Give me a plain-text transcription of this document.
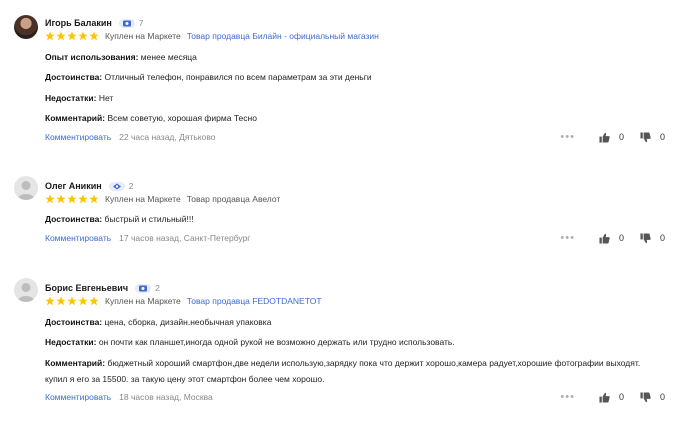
Игорь Балакин	7
Куплен на Маркете Товар продавца Билайн - официальный магазин
Опыт использования: менее месяца
Достоинства: Отличный телефон, понравился по всем параметрам за эти деньги
Недостатки: Нет
Комментарий: Всем советую, хорошая фирма Тесно
Комментировать 22 часа назад, Дятьково	•••	0	0
Олег Аникин	2
Куплен на Маркете Товар продавца Авелот
Достоинства: быстрый и стильный!!!
Комментировать 17 часов назад, Санкт-Петербург	•••	0	0
Борис Евгеньевич	2
Куплен на Маркете Товар продавца FEDOTDANETOT
Достоинства: цена, сборка, дизайн.необычная упаковка
Недостатки: он почти как планшет,иногда одной рукой не возможно держать или трудно использовать.
Комментарий: бюджетный хороший смартфон,две недели использую,зарядку пока что держит хорошо,камера радует,хорошие фотографии выходят. купил я его за 15500. за такую цену этот смартфон более чем хорошо.
Комментировать 18 часов назад, Москва	•••	0	0
